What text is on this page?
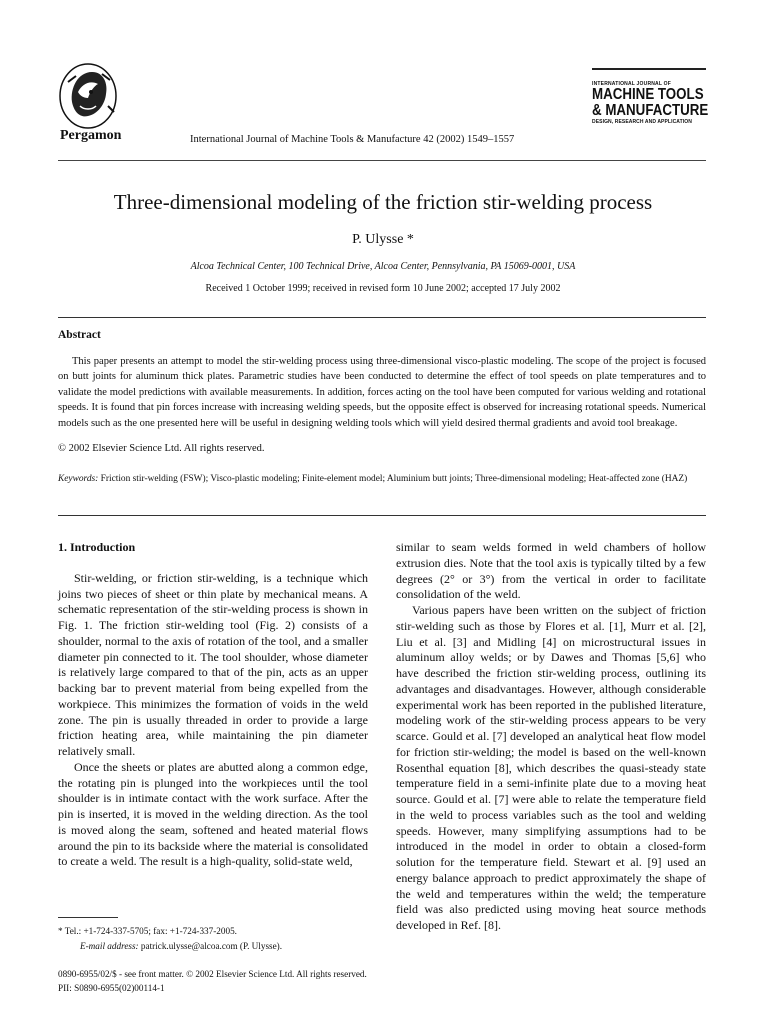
Pergamon	International Journal of Machine Tools & Manufacture 42 (2002) 1549–1557
INTERNATIONAL JOURNAL OF
MACHINE TOOLS
& MANUFACTURE
DESIGN, RESEARCH AND APPLICATION
Three-dimensional modeling of the friction stir-welding process
P. Ulysse *
Alcoa Technical Center, 100 Technical Drive, Alcoa Center, Pennsylvania, PA 15069-0001, USA
Received 1 October 1999; received in revised form 10 June 2002; accepted 17 July 2002
Abstract

This paper presents an attempt to model the stir-welding process using three-dimensional visco-plastic modeling. The scope of the project is focused on butt joints for aluminum thick plates. Parametric studies have been conducted to determine the effect of tool speeds on plate temperatures and to validate the model predictions with available measurements. In addition, forces acting on the tool have been computed for various welding and rotational speeds. It is found that pin forces increase with increasing welding speeds, but the opposite effect is observed for increasing rotational speeds. Numerical models such as the one presented here will be useful in designing welding tools which will yield desired thermal gradients and avoid tool breakage.

© 2002 Elsevier Science Ltd. All rights reserved.
Keywords: Friction stir-welding (FSW); Visco-plastic modeling; Finite-element model; Aluminium butt joints; Three-dimensional modeling; Heat-affected zone (HAZ)

1. Introduction

Stir-welding, or friction stir-welding, is a technique which joins two pieces of sheet or thin plate by mechanical means. A schematic representation of the stir-welding process is shown in Fig. 1. The friction stir-welding tool (Fig. 2) consists of a shoulder, normal to the axis of rotation of the tool, and a smaller diameter pin connected to it. The tool shoulder, whose diameter is relatively large compared to that of the pin, acts as an upper backing bar to prevent material from being expelled from the workpiece. This minimizes the formation of voids in the weld zone. The pin is usually threaded in order to provide a large friction heating area, while maintaining the pin diameter relatively small.

Once the sheets or plates are abutted along a common edge, the rotating pin is plunged into the workpieces until the tool shoulder is in intimate contact with the work surface. After the pin is inserted, it is moved in the welding direction. As the tool is moved along the seam, softened and heated material flows around the pin to its backside where the material is consolidated to create a weld. The result is a high-quality, solid-state weld,

similar to seam welds formed in weld chambers of hollow extrusion dies. Note that the tool axis is typically tilted by a few degrees (2° or 3°) from the vertical in order to facilitate consolidation of the weld.

Various papers have been written on the subject of friction stir-welding such as those by Flores et al. [1], Murr et al. [2], Liu et al. [3] and Midling [4] on microstructural issues in aluminum alloy welds; or by Dawes and Thomas [5,6] who have described the friction stir-welding process, outlining its advantages and disadvantages. However, although considerable experimental work has been reported in the published literature, modeling work of the stir-welding process appears to be very scarce. Gould et al. [7] developed an analytical heat flow model for friction stir-welding; the model is based on the well-known Rosenthal equation [8], which describes the quasi-steady state temperature field in a semi-infinite plate due to a moving heat source. Gould et al. [7] were able to relate the temperature field in the weld to process variables such as the tool and welding speeds. However, many simplifying assumptions had to be introduced in the model in order to obtain a closed-form solution for the temperature field. Stewart et al. [9] used an energy balance approach to predict approximately the shape of the weld and temperatures within the weld; the temperature field was also predicted using moving heat source methods developed in Ref. [8].

* Tel.: +1-724-337-5705; fax: +1-724-337-2005.
E-mail address: patrick.ulysse@alcoa.com (P. Ulysse).
0890-6955/02/$ - see front matter. © 2002 Elsevier Science Ltd. All rights reserved.
PII: S0890-6955(02)00114-1
